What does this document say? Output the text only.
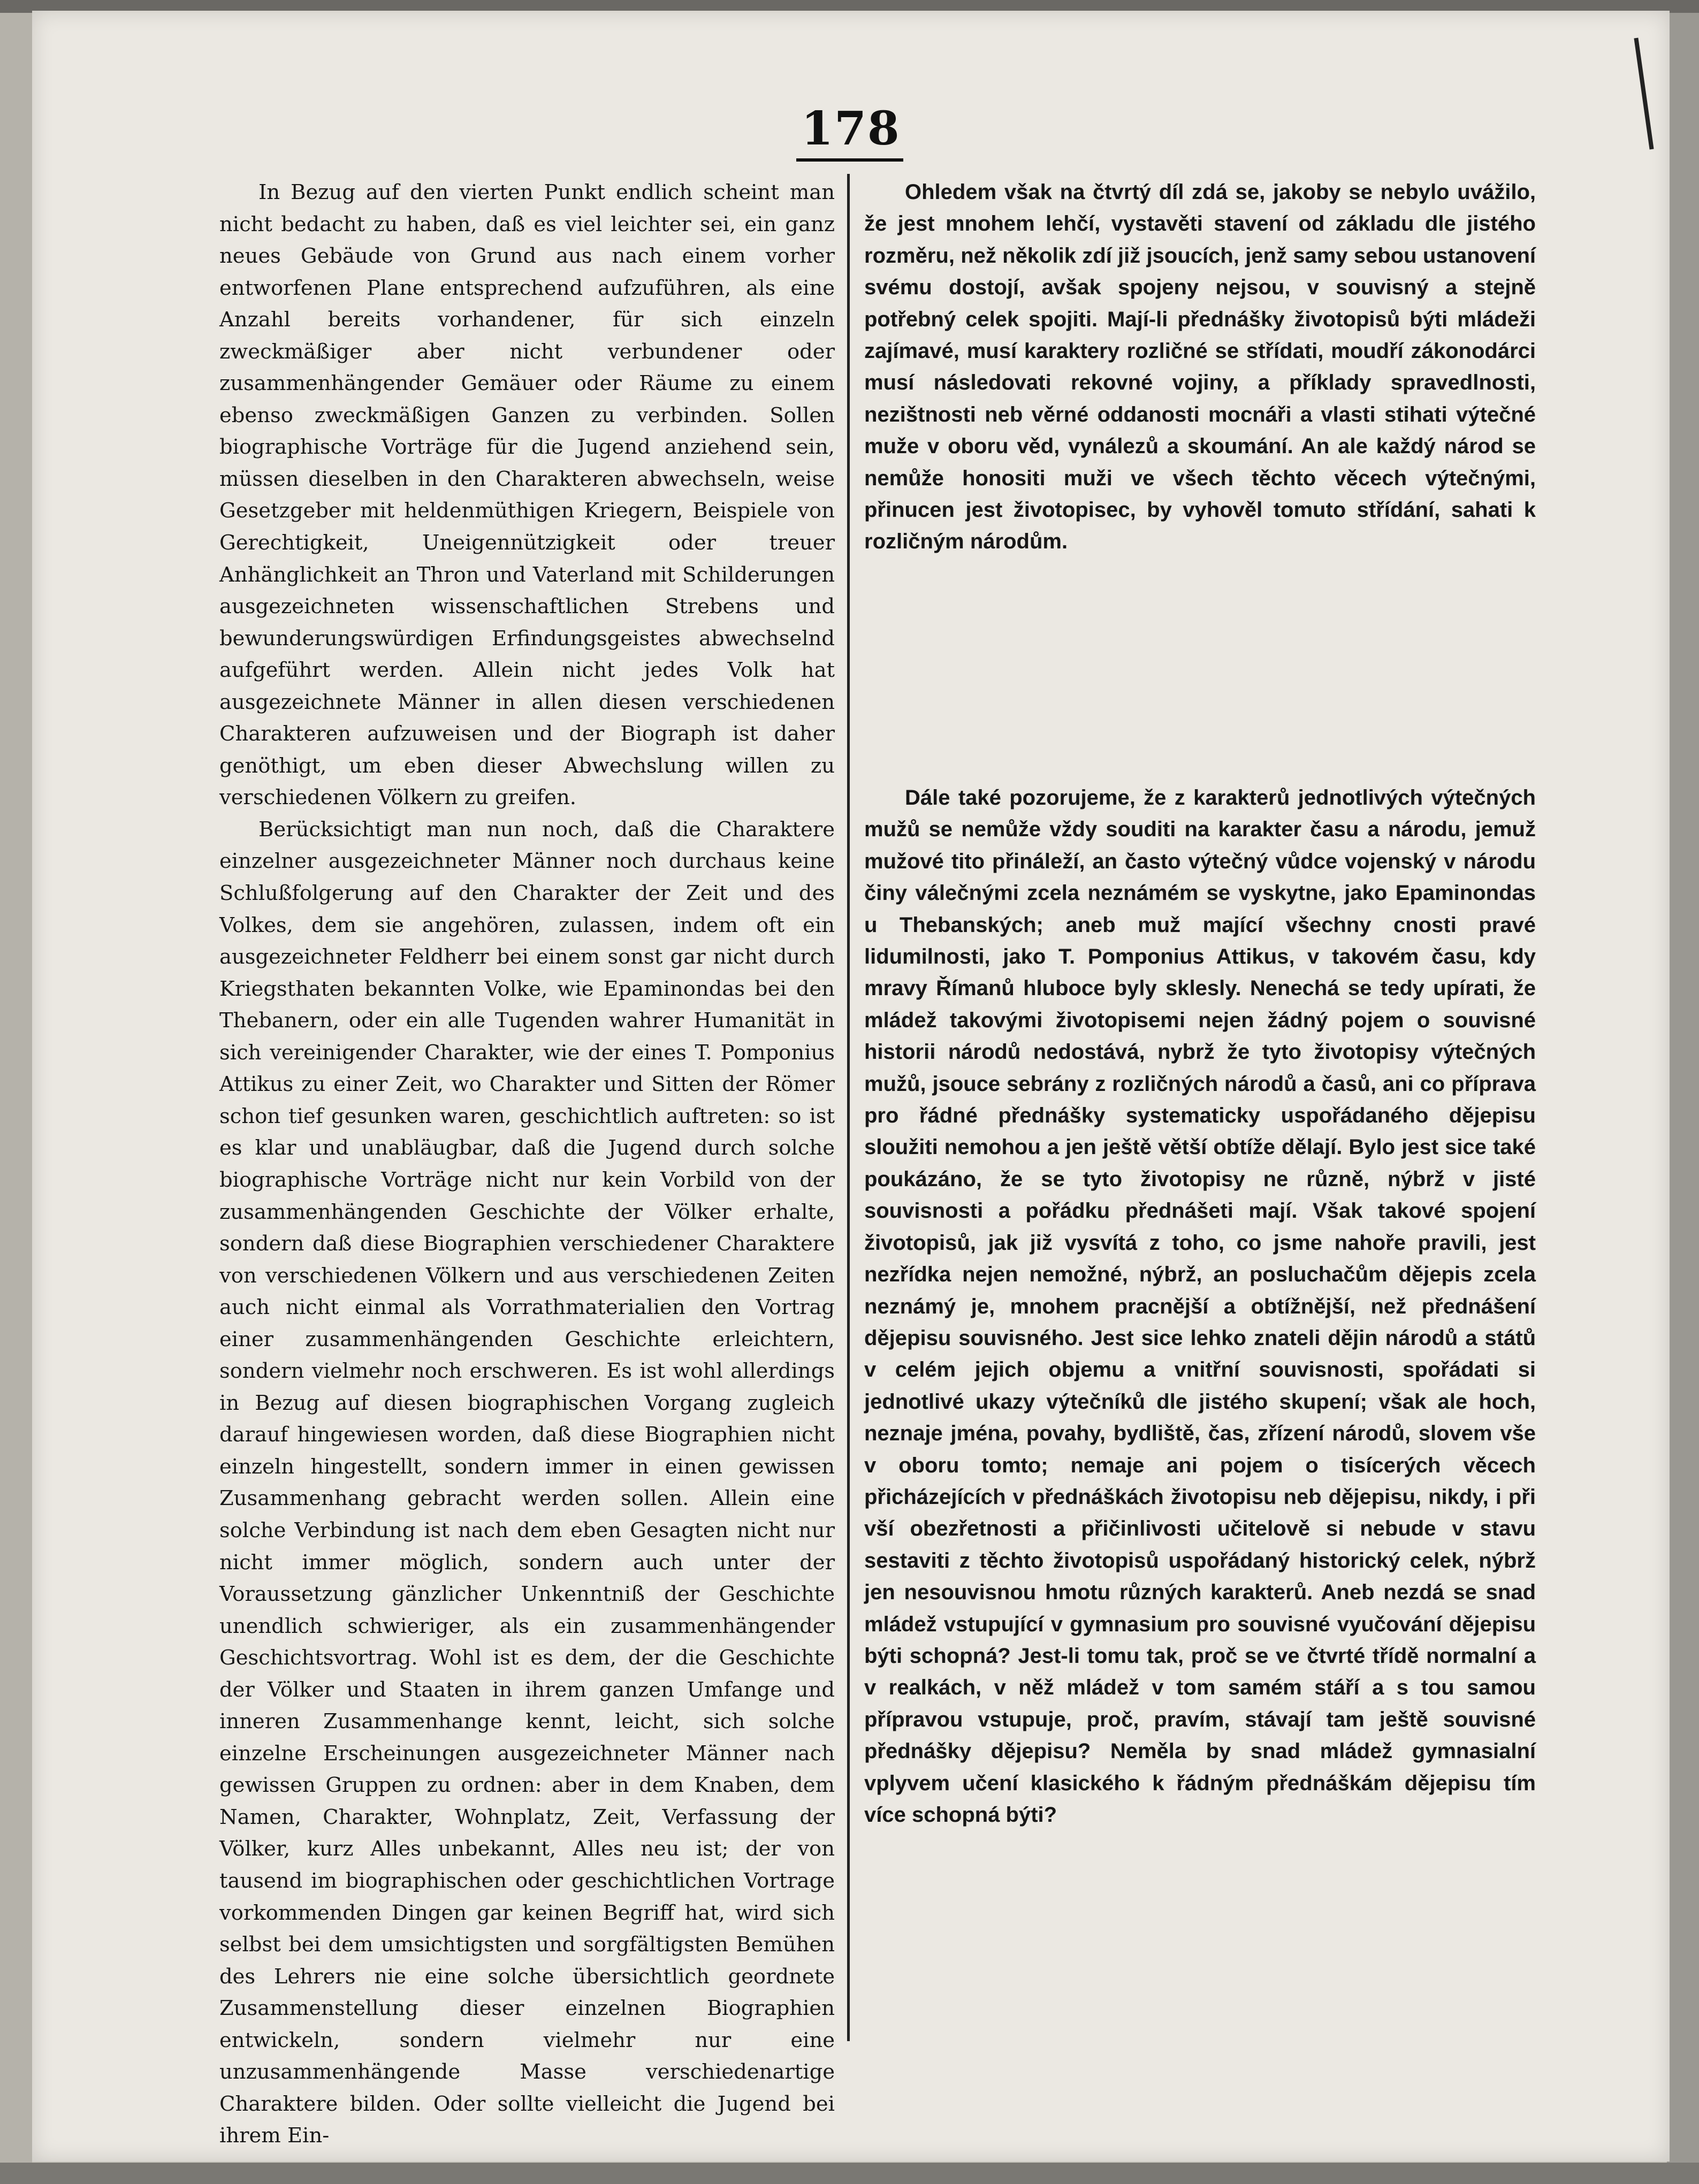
178

In Bezug auf den vierten Punkt endlich scheint man nicht bedacht zu haben, daß es viel leichter sei, ein ganz neues Gebäude von Grund aus nach einem vorher entworfenen Plane entsprechend aufzuführen, als eine Anzahl bereits vorhandener, für sich einzeln zweckmäßiger aber nicht verbundener oder zusammenhängender Gemäuer oder Räume zu einem ebenso zweckmäßigen Ganzen zu verbinden. Sollen biographische Vorträge für die Jugend anziehend sein, müssen dieselben in den Charakteren abwechseln, weise Gesetzgeber mit heldenmüthigen Kriegern, Beispiele von Gerechtigkeit, Uneigennützigkeit oder treuer Anhänglichkeit an Thron und Vaterland mit Schilderungen ausgezeichneten wissenschaftlichen Strebens und bewunderungswürdigen Erfindungsgeistes abwechselnd aufgeführt werden. Allein nicht jedes Volk hat ausgezeichnete Männer in allen diesen verschiedenen Charakteren aufzuweisen und der Biograph ist daher genöthigt, um eben dieser Abwechslung willen zu verschiedenen Völkern zu greifen.

Berücksichtigt man nun noch, daß die Charaktere einzelner ausgezeichneter Männer noch durchaus keine Schlußfolgerung auf den Charakter der Zeit und des Volkes, dem sie angehören, zulassen, indem oft ein ausgezeichneter Feldherr bei einem sonst gar nicht durch Kriegsthaten bekannten Volke, wie Epaminondas bei den Thebanern, oder ein alle Tugenden wahrer Humanität in sich vereinigender Charakter, wie der eines T. Pomponius Attikus zu einer Zeit, wo Charakter und Sitten der Römer schon tief gesunken waren, geschichtlich auftreten: so ist es klar und unabläugbar, daß die Jugend durch solche biographische Vorträge nicht nur kein Vorbild von der zusammenhängenden Geschichte der Völker erhalte, sondern daß diese Biographien verschiedener Charaktere von verschiedenen Völkern und aus verschiedenen Zeiten auch nicht einmal als Vorrathmaterialien den Vortrag einer zusammenhängenden Geschichte erleichtern, sondern vielmehr noch erschweren. Es ist wohl allerdings in Bezug auf diesen biographischen Vorgang zugleich darauf hingewiesen worden, daß diese Biographien nicht einzeln hingestellt, sondern immer in einen gewissen Zusammenhang gebracht werden sollen. Allein eine solche Verbindung ist nach dem eben Gesagten nicht nur nicht immer möglich, sondern auch unter der Voraussetzung gänzlicher Unkenntniß der Geschichte unendlich schwieriger, als ein zusammenhängender Geschichtsvortrag. Wohl ist es dem, der die Geschichte der Völker und Staaten in ihrem ganzen Umfange und inneren Zusammenhange kennt, leicht, sich solche einzelne Erscheinungen ausgezeichneter Männer nach gewissen Gruppen zu ordnen: aber in dem Knaben, dem Namen, Charakter, Wohnplatz, Zeit, Verfassung der Völker, kurz Alles unbekannt, Alles neu ist; der von tausend im biographischen oder geschichtlichen Vortrage vorkommenden Dingen gar keinen Begriff hat, wird sich selbst bei dem umsichtigsten und sorgfältigsten Bemühen des Lehrers nie eine solche übersichtlich geordnete Zusammenstellung dieser einzelnen Biographien entwickeln, sondern vielmehr nur eine unzusammenhängende Masse verschiedenartige Charaktere bilden. Oder sollte vielleicht die Jugend bei ihrem Ein-

Ohledem však na čtvrtý díl zdá se, jakoby se nebylo uvážilo, že jest mnohem lehčí, vystavěti stavení od základu dle jistého rozměru, než několik zdí již jsoucích, jenž samy sebou ustanovení svému dostojí, avšak spojeny nejsou, v souvisný a stejně potřebný celek spojiti. Mají-li přednášky životopisů býti mládeži zajímavé, musí karaktery rozličné se střídati, moudří zákonodárci musí následovati rekovné vojiny, a příklady spravedlnosti, nezištnosti neb věrné oddanosti mocnáři a vlasti stihati výtečné muže v oboru věd, vynálezů a skoumání. An ale každý národ se nemůže honositi muži ve všech těchto věcech výtečnými, přinucen jest životopisec, by vyhověl tomuto střídání, sahati k rozličným národům.

Dále také pozorujeme, že z karakterů jednotlivých výtečných mužů se nemůže vždy souditi na karakter času a národu, jemuž mužové tito přináleží, an často výtečný vůdce vojenský v národu činy válečnými zcela neznámém se vyskytne, jako Epaminondas u Thebanských; aneb muž mající všechny cnosti pravé lidumilnosti, jako T. Pomponius Attikus, v takovém času, kdy mravy Římanů hluboce byly sklesly. Nenechá se tedy upírati, že mládež takovými životopisemi nejen žádný pojem o souvisné historii národů nedostává, nybrž že tyto životopisy výtečných mužů, jsouce sebrány z rozličných národů a časů, ani co příprava pro řádné přednášky systematicky uspořádaného dějepisu sloužiti nemohou a jen ještě větší obtíže dělají. Bylo jest sice také poukázáno, že se tyto životopisy ne různě, nýbrž v jisté souvisnosti a pořádku přednášeti mají. Však takové spojení životopisů, jak již vysvítá z toho, co jsme nahoře pravili, jest nezřídka nejen nemožné, nýbrž, an posluchačům dějepis zcela neznámý je, mnohem pracnější a obtížnější, než přednášení dějepisu souvisného. Jest sice lehko znateli dějin národů a států v celém jejich objemu a vnitřní souvisnosti, spořádati si jednotlivé ukazy výtečníků dle jistého skupení; však ale hoch, neznaje jména, povahy, bydliště, čas, zřízení národů, slovem vše v oboru tomto; nemaje ani pojem o tisícerých věcech přicházejících v přednáškách životopisu neb dějepisu, nikdy, i při vší obezřetnosti a přičinlivosti učitelově si nebude v stavu sestaviti z těchto životopisů uspořádaný historický celek, nýbrž jen nesouvisnou hmotu různých karakterů. Aneb nezdá se snad mládež vstupující v gymnasium pro souvisné vyučování dějepisu býti schopná? Jest-li tomu tak, proč se ve čtvrté třídě normalní a v realkách, v něž mládež v tom samém stáří a s tou samou přípravou vstupuje, proč, pravím, stávají tam ještě souvisné přednášky dějepisu? Neměla by snad mládež gymnasialní vplyvem učení klasického k řádným přednáškám dějepisu tím více schopná býti?
